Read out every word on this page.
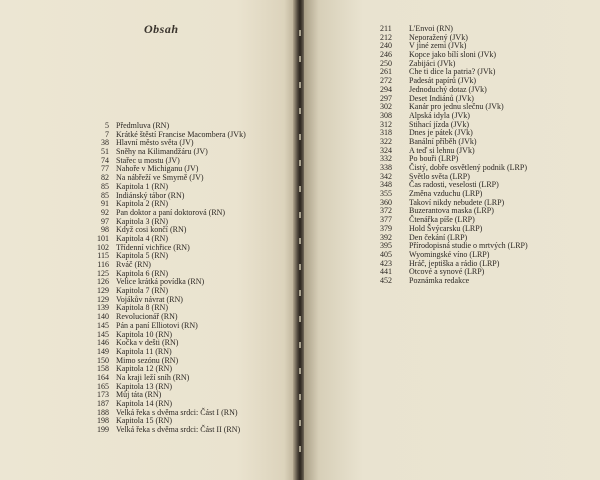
Obsah
5 Předmluva (RN)
7 Krátké štěstí Francise Macombera (JVk)
38 Hlavní město světa (JV)
51 Sněhy na Kilimandžáru (JV)
74 Stařec u mostu (JV)
77 Nahoře v Michiganu (JV)
82 Na nábřeží ve Smyrně (JV)
85 Kapitola 1 (RN)
85 Indiánský tábor (RN)
91 Kapitola 2 (RN)
92 Pan doktor a paní doktorová (RN)
97 Kapitola 3 (RN)
98 Když cosi končí (RN)
101 Kapitola 4 (RN)
102 Třídenní vichřice (RN)
115 Kapitola 5 (RN)
116 Rváč (RN)
125 Kapitola 6 (RN)
126 Velice krátká povídka (RN)
129 Kapitola 7 (RN)
129 Vojákův návrat (RN)
139 Kapitola 8 (RN)
140 Revolucionář (RN)
145 Pán a paní Elliotovi (RN)
145 Kapitola 10 (RN)
146 Kočka v dešti (RN)
149 Kapitola 11 (RN)
150 Mimo sezónu (RN)
158 Kapitola 12 (RN)
164 Na kraji leží sníh (RN)
165 Kapitola 13 (RN)
173 Můj táta (RN)
187 Kapitola 14 (RN)
188 Velká řeka s dvěma srdci: Část I (RN)
198 Kapitola 15 (RN)
199 Velká řeka s dvěma srdci: Část II (RN)
211	L'Envoi (RN)
212	Neporažený (JVk)
240	V jiné zemi (JVk)
246	Kopce jako bílí sloni (JVk)
250	Zabijáci (JVk)
261	Che ti dice la patria? (JVk)
272	Padesát papírů (JVk)
294	Jednoduchý dotaz (JVk)
297	Deset Indiánů (JVk)
302	Kanár pro jednu slečnu (JVk)
308	Alpská idyla (JVk)
312	Stihací jízda (JVk)
318	Dnes je pátek (JVk)
322	Banální příběh (JVk)
324	A teď si lehnu (JVk)
332	Po bouři (LRP)
338	Čistý, dobře osvětlený podnik (LRP)
342	Světlo světa (LRP)
348	Čas radosti, veselosti (LRP)
355	Změna vzduchu (LRP)
360	Takoví nikdy nebudete (LRP)
372	Buzerantova maska (LRP)
377	Čtenářka píše (LRP)
379	Hold Švýcarsku (LRP)
392	Den čekání (LRP)
395	Přírodopisná studie o mrtvých (LRP)
405	Wyomingské víno (LRP)
423	Hráč, jeptiška a rádio (LRP)
441	Otcové a synové (LRP)
452	Poznámka redakce
